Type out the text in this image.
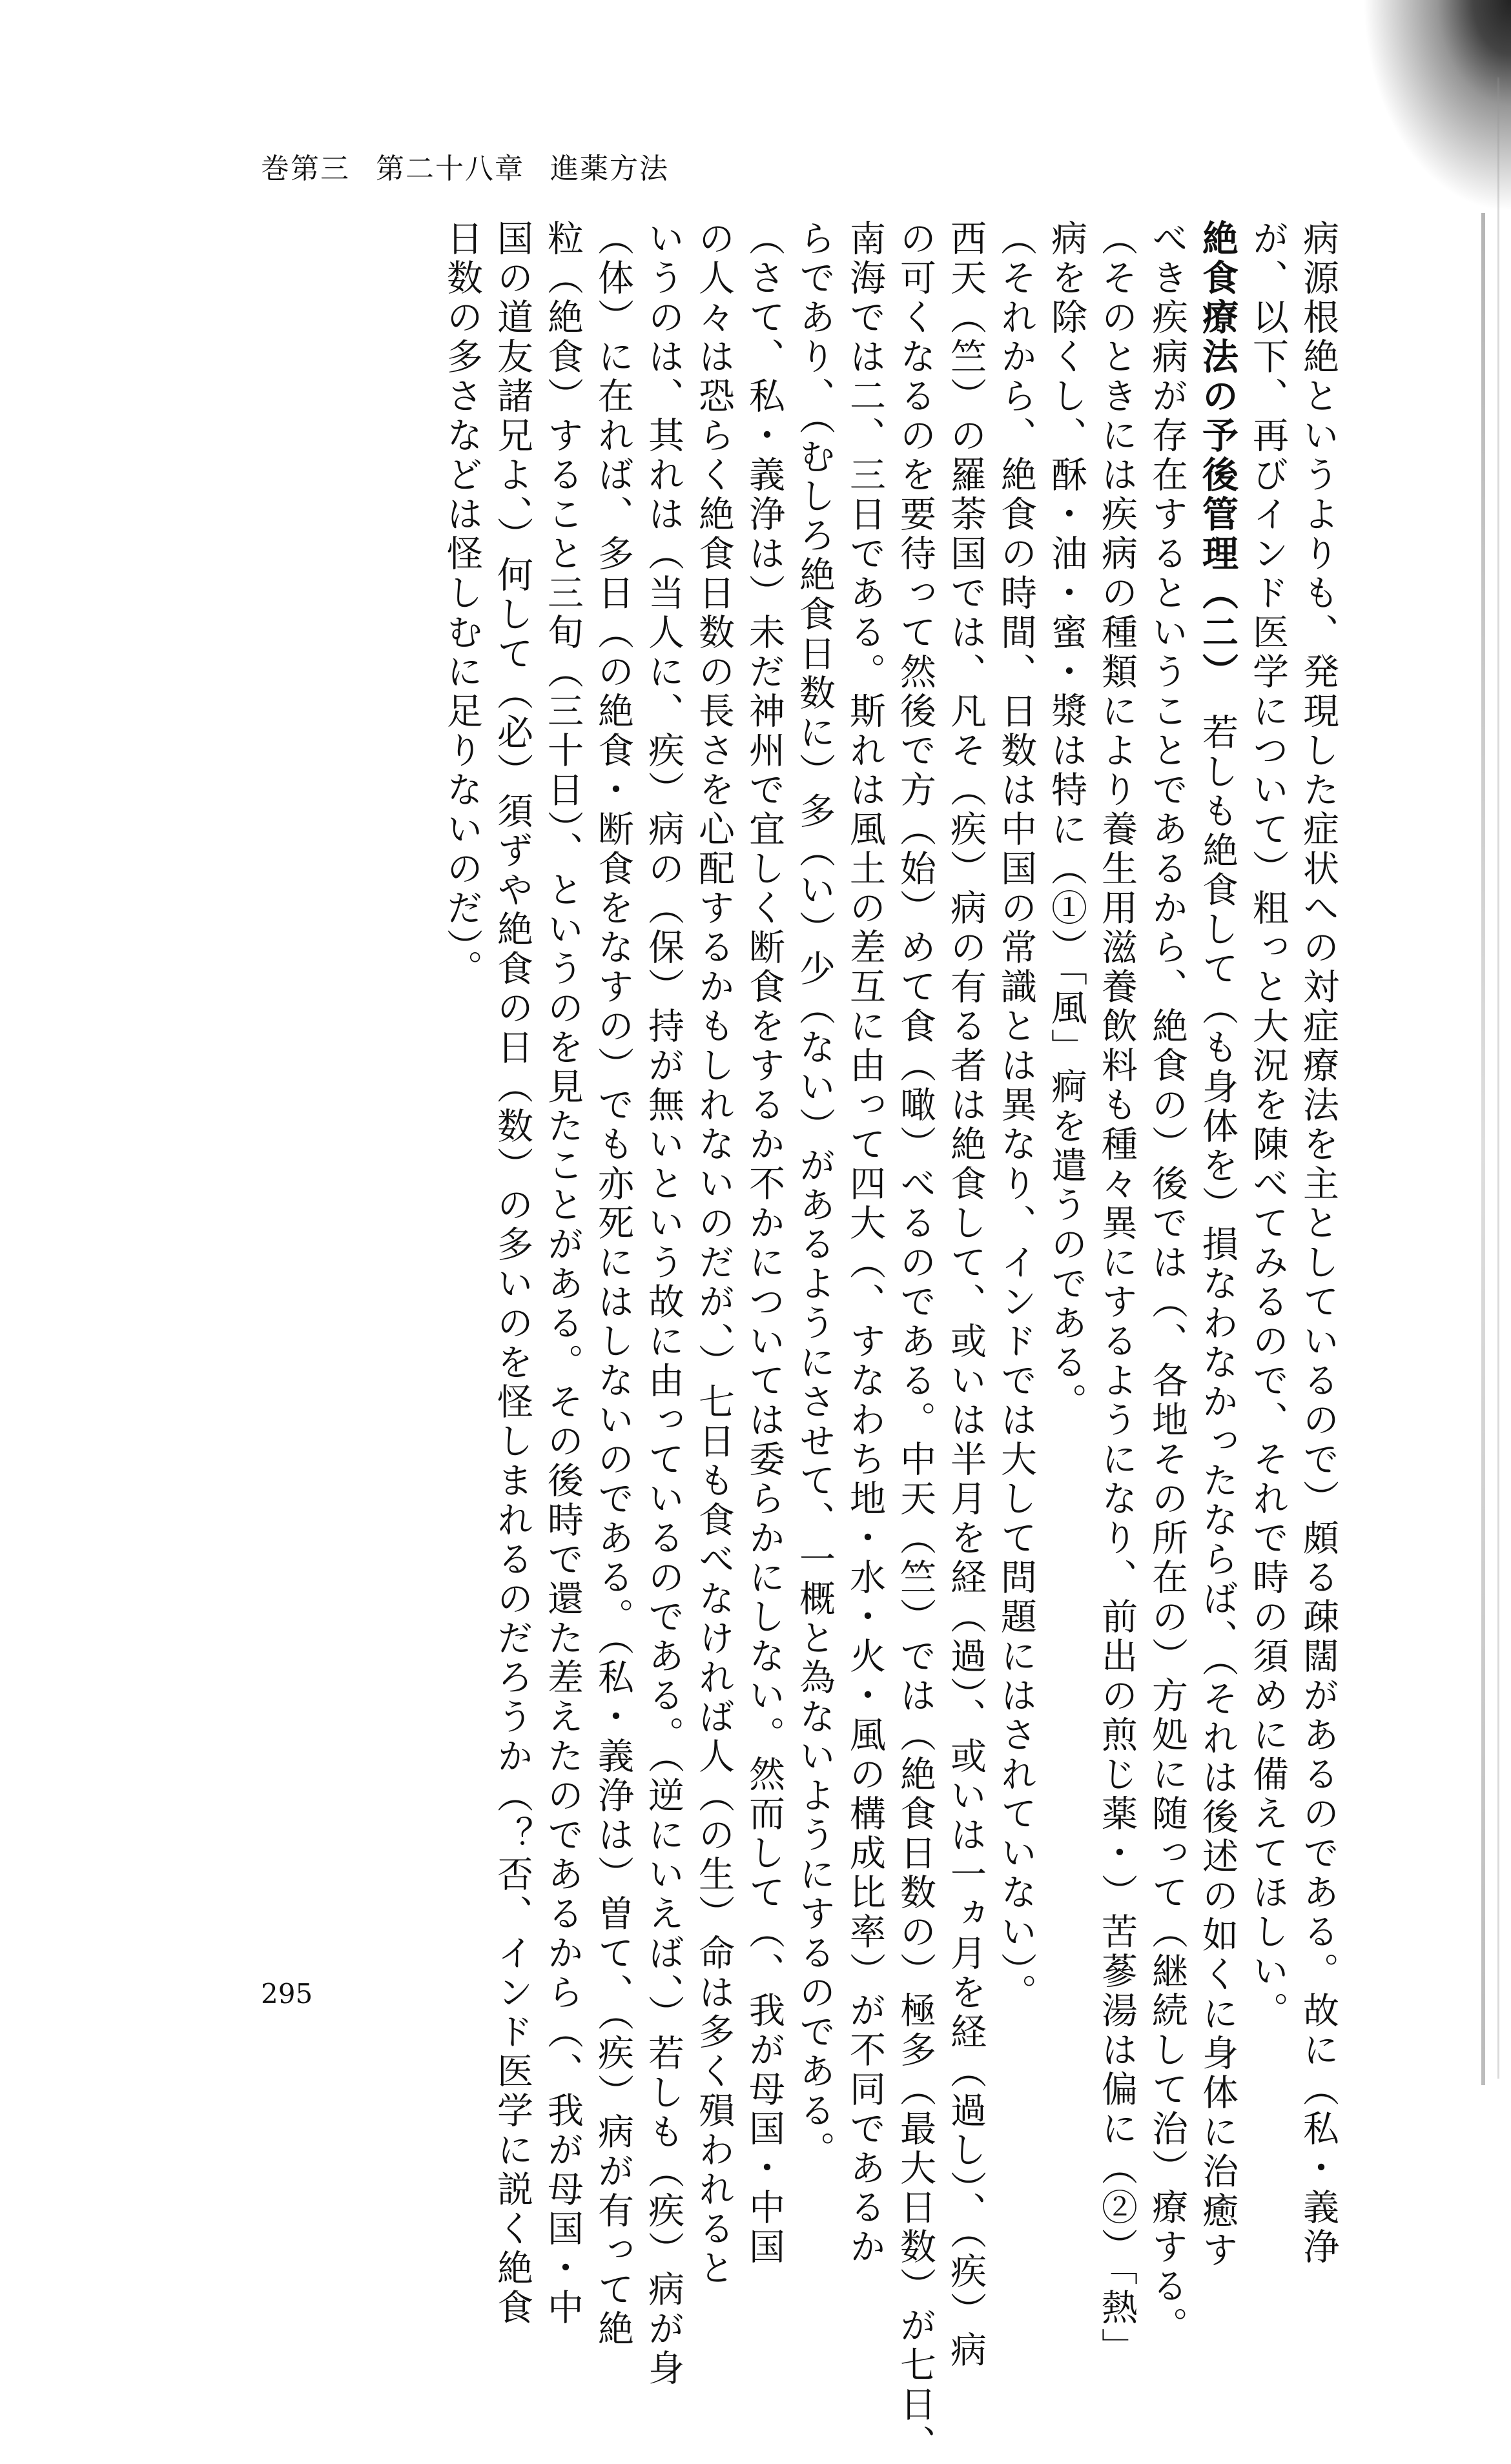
巻第三 第二十八章 進薬方法

病源根絶というよりも、発現した症状への対症療法を主としているので）頗る疎闊があるのである。故に（私・義浄

が、以下、再びインド医学について）粗っと大況を陳べてみるので、それで時の須めに備えてほしい。

絶食療法の予後管理（二）　若しも絶食して（も身体を）損なわなかったならば、（それは後述の如くに身体に治癒す

べき疾病が存在するということであるから、絶食の）後では（、各地その所在の）方処に随って（継続して治）療する。

（そのときには疾病の種類により養生用滋養飲料も種々異にするようになり、前出の煎じ薬・）苦蔘湯は偏に（②）「熱」

病を除くし、酥・油・蜜・漿は特に（①）「風」痾を遣うのである。

（それから、絶食の時間、日数は中国の常識とは異なり、インドでは大して問題にはされていない）。

西天（竺）の羅荼国では、凡そ（疾）病の有る者は絶食して、或いは半月を経（過）、或いは一ヵ月を経（過し）、（疾）病

の可くなるのを要待って然後で方（始）めて食（噉）べるのである。中天（竺）では（絶食日数の）極多（最大日数）が七日、

南海では二、三日である。斯れは風土の差互に由って四大（、すなわち地・水・火・風の構成比率）が不同であるか

らであり、（むしろ絶食日数に）多（い）少（ない）があるようにさせて、一概と為ないようにするのである。

（さて、私・義浄は）未だ神州で宜しく断食をするか不かについては委らかにしない。然而して（、我が母国・中国

の人々は恐らく絶食日数の長さを心配するかもしれないのだが、）七日も食べなければ人（の生）命は多く殞われると

いうのは、其れは（当人に、疾）病の（保）持が無いという故に由っているのである。（逆にいえば、）若しも（疾）病が身

（体）に在れば、多日（の絶食・断食をなすの）でも亦死にはしないのである。（私・義浄は）曽て、（疾）病が有って絶

粒（絶食）すること三旬（三十日）、というのを見たことがある。その後時で還た差えたのであるから（、我が母国・中

国の道友諸兄よ、）何して（必）須ずや絶食の日（数）の多いのを怪しまれるのだろうか（？否、インド医学に説く絶食

日数の多さなどは怪しむに足りないのだ）。

295
